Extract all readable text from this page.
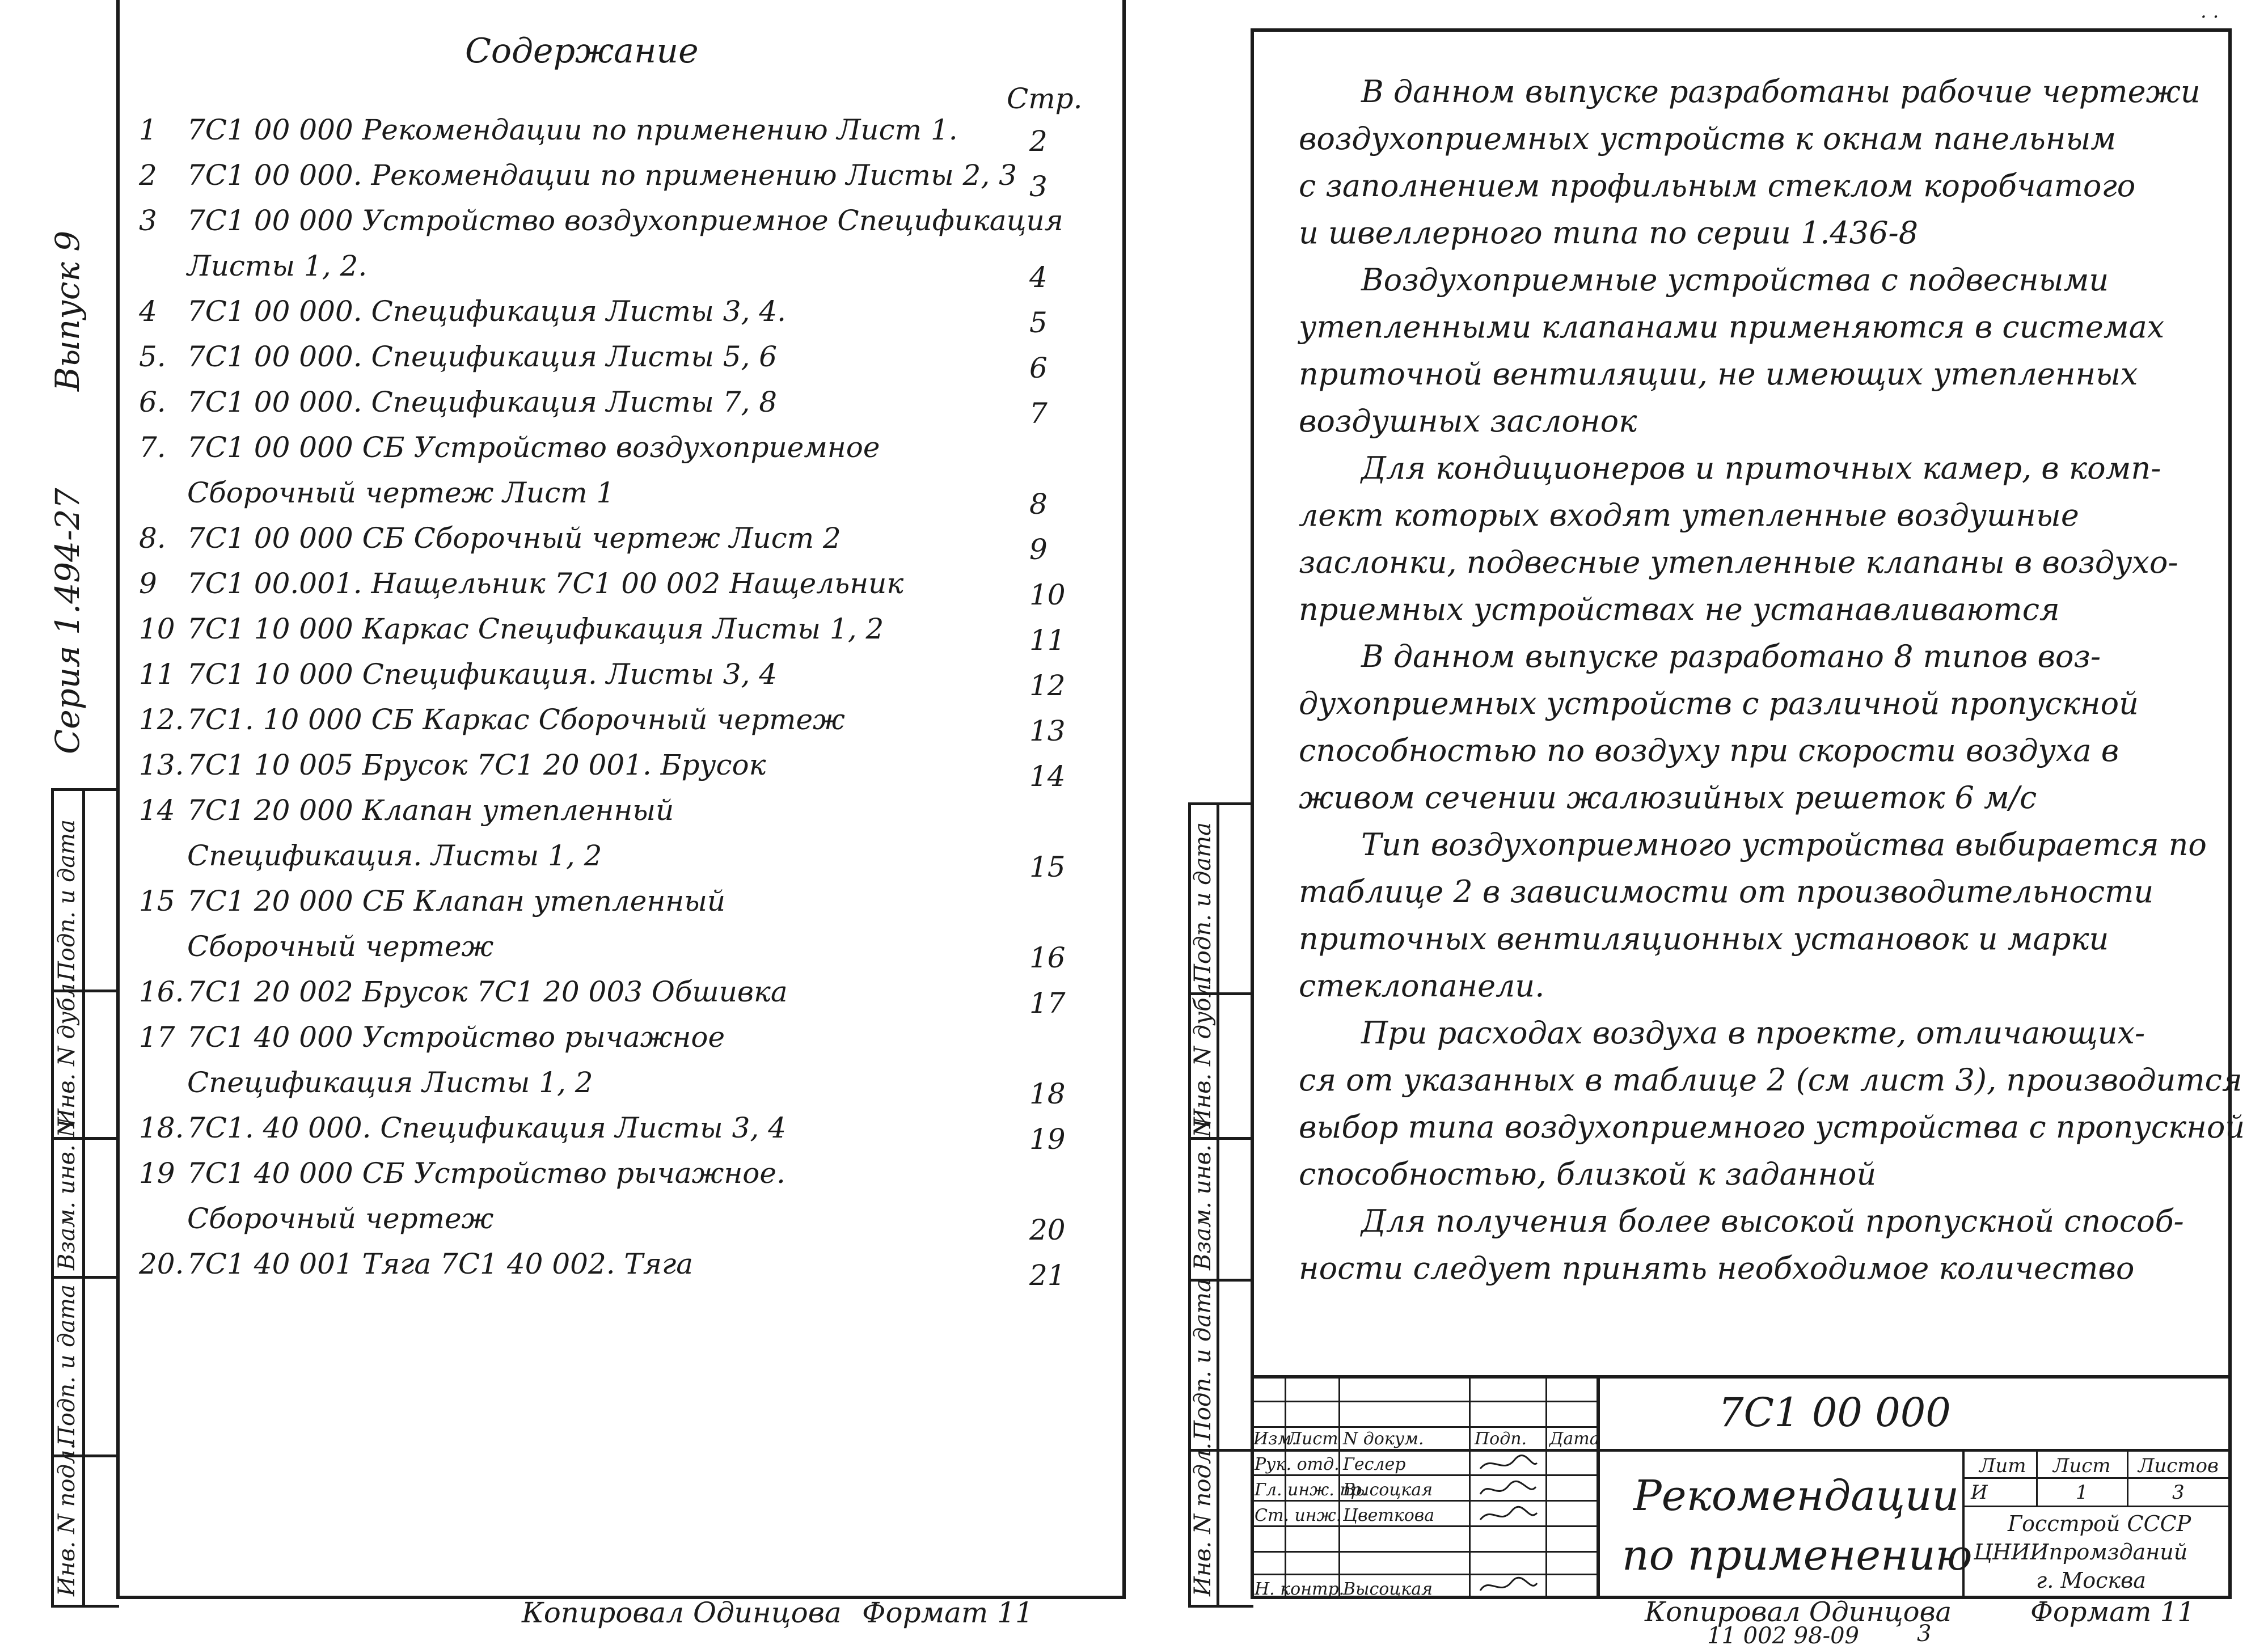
Подп. и дата
Инв. N дубл.
Взам. инв. N
Подп. и дата
Инв. N подл.
Серия 1.494-27
Выпуск 9
Содержание
Стр.
1 7С1 00 000 Рекомендации по применению Лист 1.	2
2 7С1 00 000. Рекомендации по применению Листы 2, 3 3
3 7С1 00 000 Устройство воздухоприемное Спецификация
Листы 1, 2.	4
4 7С1 00 000. Спецификация Листы 3, 4.	5
5. 7С1 00 000. Спецификация Листы 5, 6	6
6. 7С1 00 000. Спецификация Листы 7, 8	7
7. 7С1 00 000 СБ Устройство воздухоприемное
Сборочный чертеж Лист 1	8
8. 7С1 00 000 СБ Сборочный чертеж Лист 2	9
9 7С1 00.001. Нащельник 7С1 00 002 Нащельник	10
10 7С1 10 000 Каркас Спецификация Листы 1, 2	11
11 7С1 10 000 Спецификация. Листы 3, 4	12
12. 7С1. 10 000 СБ Каркас Сборочный чертеж	13
13. 7С1 10 005 Брусок 7С1 20 001. Брусок	14
14 7С1 20 000 Клапан утепленный
Спецификация. Листы 1, 2	15
15 7С1 20 000 СБ Клапан утепленный
Сборочный чертеж	16
16. 7С1 20 002 Брусок 7С1 20 003 Обшивка	17
17 7С1 40 000 Устройство рычажное
Спецификация Листы 1, 2	18
18. 7С1. 40 000. Спецификация Листы 3, 4	19
19 7С1 40 000 СБ Устройство рычажное.
Сборочный чертеж	20
20. 7С1 40 001 Тяга 7С1 40 002. Тяга	21
Копировал Одинцова Формат 11
Подп. и дата
Инв. N дубл.
Взам. инв. N
Подп. и дата
Инв. N подл.
В данном выпуске разработаны рабочие чертежи
воздухоприемных устройств к окнам панельным
с заполнением профильным стеклом коробчатого
и швеллерного типа по серии 1.436-8
Воздухоприемные устройства с подвесными
утепленными клапанами применяются в системах
приточной вентиляции, не имеющих утепленных
воздушных заслонок
Для кондиционеров и приточных камер, в комп-
лект которых входят утепленные воздушные
заслонки, подвесные утепленные клапаны в воздухо-
приемных устройствах не устанавливаются
В данном выпуске разработано 8 типов воз-
духоприемных устройств с различной пропускной
способностью по воздуху при скорости воздуха в
живом сечении жалюзийных решеток 6 м/с
Тип воздухоприемного устройства выбирается по
таблице 2 в зависимости от производительности
приточных вентиляционных установок и марки
стеклопанели.
При расходах воздуха в проекте, отличающих-
ся от указанных в таблице 2 (см лист 3), производится
выбор типа воздухоприемного устройства с пропускной
способностью, близкой к заданной
Для получения более высокой пропускной способ-
ности следует принять необходимое количество
Изм.
Лист N докум.	Подп. Дата
Рук. отд. Геслер
Гл. инж. пр.
Высоцкая
Ст. инж. Цветкова
Н. контр.
Высоцкая
7С1 00 000
Рекомендации
по применению
Лит Лист Листов
И	1	3
Госстрой СССР
ЦНИИпромзданий
г. Москва
Копировал Одинцова	Формат 11
11 002 98-09	3
· ·
